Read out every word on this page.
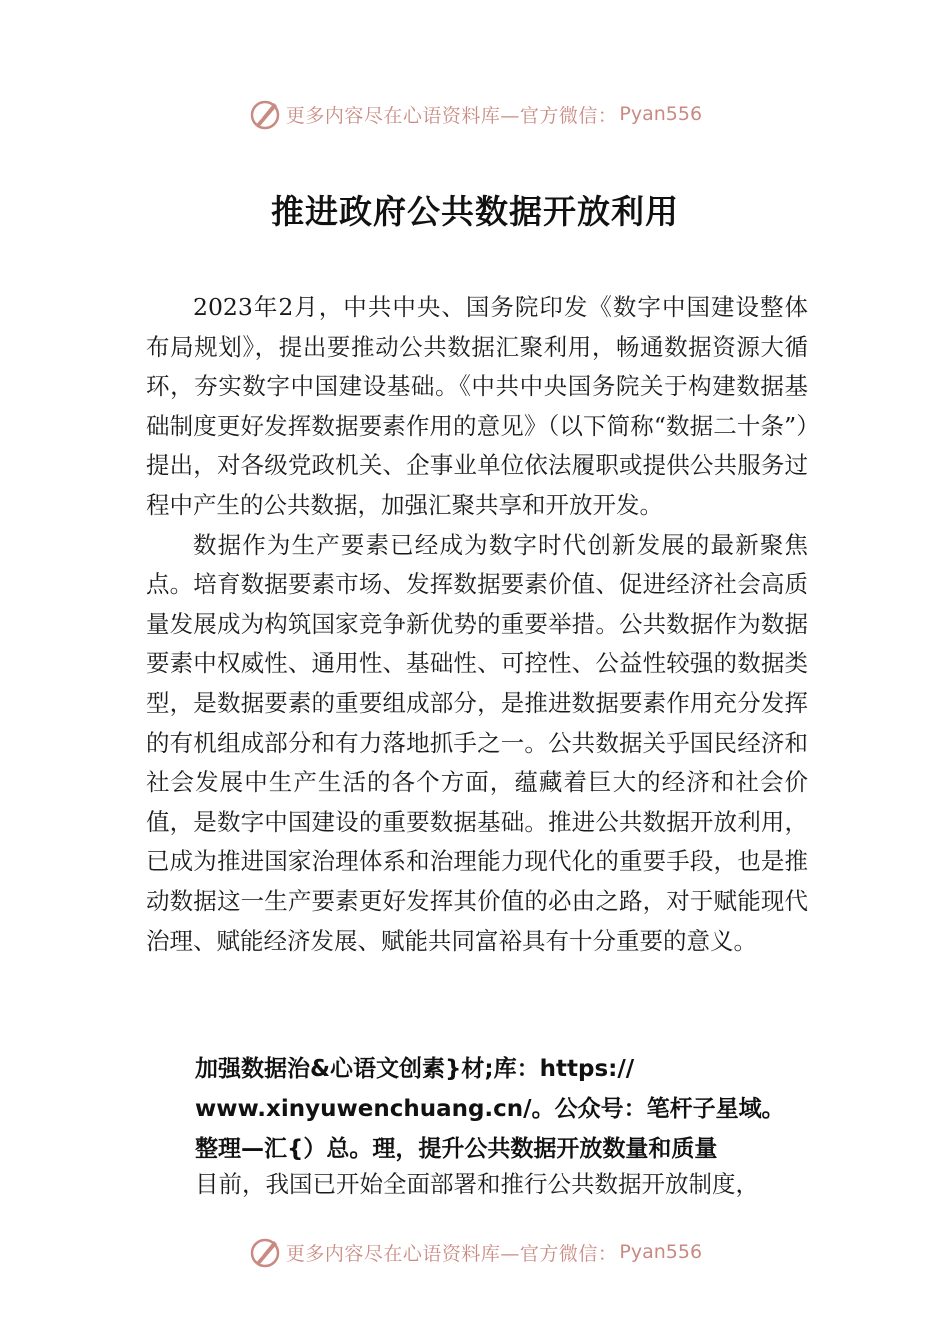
更多内容尽在心语资料库—官方微信： Pyan556
推进政府公共数据开放利用

2023年2月，中共中央、国务院印发《数字中国建设整体布局规划》，提出要推动公共数据汇聚利用，畅通数据资源大循环，夯实数字中国建设基础。《中共中央国务院关于构建数据基础制度更好发挥数据要素作用的意见》（以下简称“数据二十条”）提出，对各级党政机关、企事业单位依法履职或提供公共服务过程中产生的公共数据，加强汇聚共享和开放开发。

数据作为生产要素已经成为数字时代创新发展的最新聚焦点。培育数据要素市场、发挥数据要素价值、促进经济社会高质量发展成为构筑国家竞争新优势的重要举措。公共数据作为数据要素中权威性、通用性、基础性、可控性、公益性较强的数据类型，是数据要素的重要组成部分，是推进数据要素作用充分发挥的有机组成部分和有力落地抓手之一。公共数据关乎国民经济和社会发展中生产生活的各个方面，蕴藏着巨大的经济和社会价值，是数字中国建设的重要数据基础。推进公共数据开放利用，已成为推进国家治理体系和治理能力现代化的重要手段，也是推动数据这一生产要素更好发挥其价值的必由之路，对于赋能现代治理、赋能经济发展、赋能共同富裕具有十分重要的意义。

加强数据治&心语文创素}材;库：https://
www.xinyuwenchuang.cn/。公众号：笔杆子星域。
整理—汇{）总。理，提升公共数据开放数量和质量
目前，我国已开始全面部署和推行公共数据开放制度，
更多内容尽在心语资料库—官方微信： Pyan556
